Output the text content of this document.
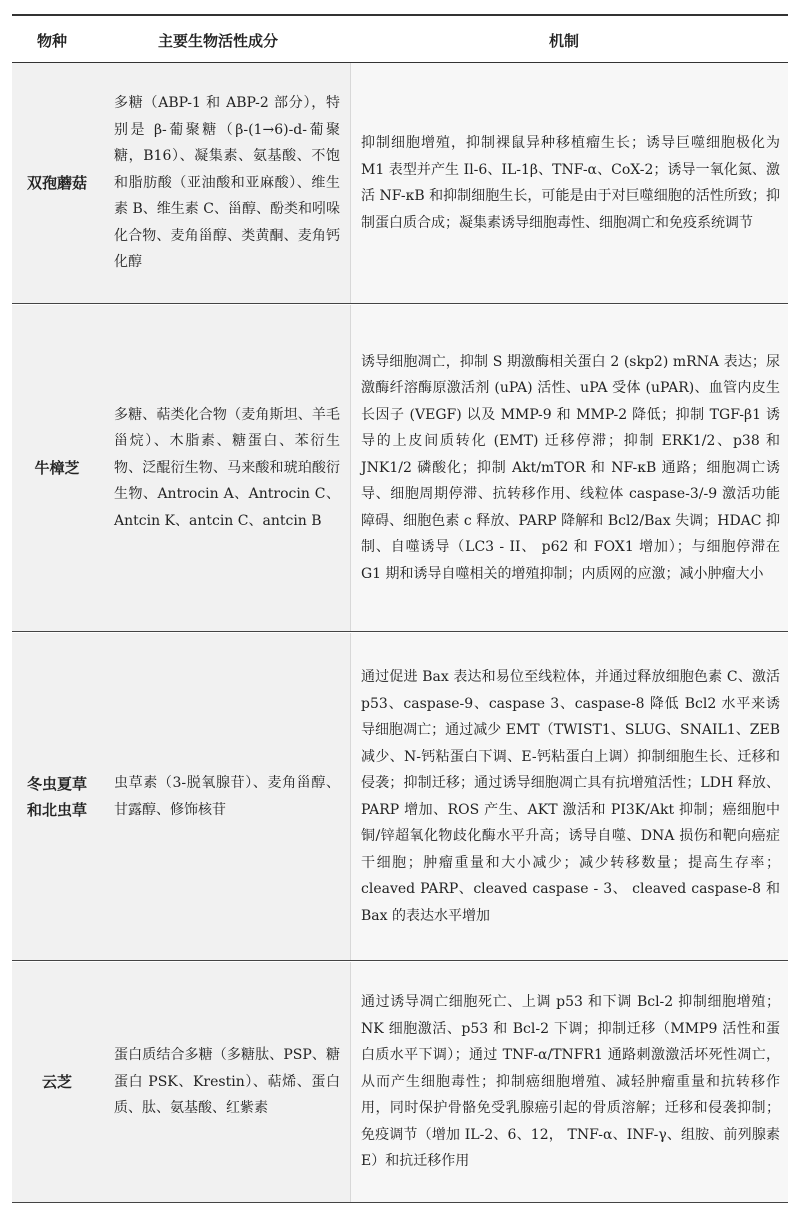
物种	主要生物活性成分	机制
双孢蘑菇
多糖（ABP-1 和 ABP-2 部分），特别是 β-葡聚糖（β-(1→6)-d-葡聚糖，B16）、凝集素、氨基酸、不饱和脂肪酸（亚油酸和亚麻酸）、维生素 B、维生素 C、甾醇、酚类和吲哚化合物、麦角甾醇、类黄酮、麦角钙化醇
抑制细胞增殖，抑制裸鼠异种移植瘤生长；诱导巨噬细胞极化为 M1 表型并产生 Il-6、IL-1β、TNF-α、CoX-2；诱导一氧化氮、激活 NF-κB 和抑制细胞生长，可能是由于对巨噬细胞的活性所致；抑制蛋白质合成；凝集素诱导细胞毒性、细胞凋亡和免疫系统调节
牛樟芝
多糖、萜类化合物（麦角斯坦、羊毛甾烷）、木脂素、糖蛋白、苯衍生物、泛醌衍生物、马来酸和琥珀酸衍生物、Antrocin A、Antrocin C、Antcin K、antcin C、antcin B
诱导细胞凋亡，抑制 S 期激酶相关蛋白 2 (skp2) mRNA 表达；尿激酶纤溶酶原激活剂 (uPA) 活性、uPA 受体 (uPAR)、血管内皮生长因子 (VEGF) 以及 MMP-9 和 MMP-2 降低；抑制 TGF-β1 诱导的上皮间质转化 (EMT) 迁移停滞；抑制 ERK1/2、p38 和 JNK1/2 磷酸化；抑制 Akt/mTOR 和 NF-κB 通路；细胞凋亡诱导、细胞周期停滞、抗转移作用、线粒体 caspase-3/-9 激活功能障碍、细胞色素 c 释放、PARP 降解和 Bcl2/Bax 失调；HDAC 抑制、自噬诱导（LC3 - II、 p62 和 FOX1 增加）；与细胞停滞在 G1 期和诱导自噬相关的增殖抑制；内质网的应激；减小肿瘤大小
冬虫夏草
和北虫草
虫草素（3-脱氧腺苷）、麦角甾醇、甘露醇、修饰核苷
通过促进 Bax 表达和易位至线粒体，并通过释放细胞色素 C、激活 p53、caspase-9、caspase 3、caspase-8 降低 Bcl2 水平来诱导细胞凋亡；通过减少 EMT（TWIST1、SLUG、SNAIL1、ZEB 减少、N-钙粘蛋白下调、E-钙粘蛋白上调）抑制细胞生长、迁移和侵袭；抑制迁移；通过诱导细胞凋亡具有抗增殖活性；LDH 释放、PARP 增加、ROS 产生、AKT 激活和 PI3K/Akt 抑制；癌细胞中铜/锌超氧化物歧化酶水平升高；诱导自噬、DNA 损伤和靶向癌症干细胞；肿瘤重量和大小减少；减少转移数量；提高生存率；cleaved PARP、cleaved caspase - 3、 cleaved caspase-8 和 Bax 的表达水平增加
云芝
蛋白质结合多糖（多糖肽、PSP、糖蛋白 PSK、Krestin）、萜烯、蛋白质、肽、氨基酸、红紫素
通过诱导凋亡细胞死亡、上调 p53 和下调 Bcl-2 抑制细胞增殖；NK 细胞激活、p53 和 Bcl-2 下调；抑制迁移（MMP9 活性和蛋白质水平下调）；通过 TNF-α/TNFR1 通路刺激激活坏死性凋亡，从而产生细胞毒性；抑制癌细胞增殖、减轻肿瘤重量和抗转移作用，同时保护骨骼免受乳腺癌引起的骨质溶解；迁移和侵袭抑制；免疫调节（增加 IL-2、6、12， TNF-α、INF-γ、组胺、前列腺素 E）和抗迁移作用
